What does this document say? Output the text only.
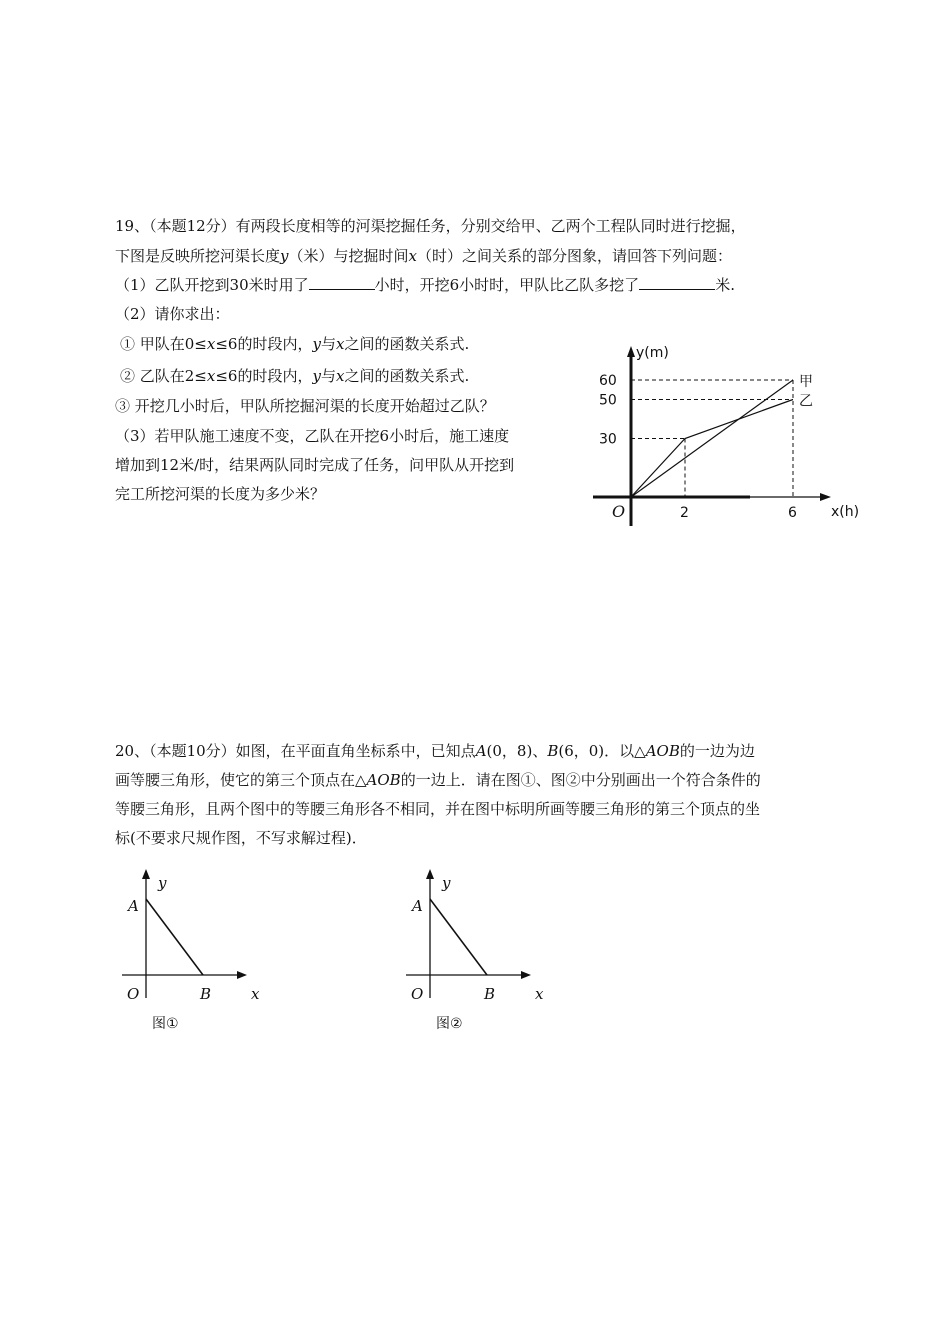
19、（本题12分）有两段长度相等的河渠挖掘任务，分别交给甲、乙两个工程队同时进行挖掘，
下图是反映所挖河渠长度y（米）与挖掘时间x（时）之间关系的部分图象，请回答下列问题：
（1）乙队开挖到30米时用了	小时，开挖6小时时，甲队比乙队多挖了	米.
（2）请你求出：
① 甲队在0≤x≤6的时段内，y与x之间的函数关系式.
② 乙队在2≤x≤6的时段内，y与x之间的函数关系式.
③ 开挖几小时后，甲队所挖掘河渠的长度开始超过乙队？
（3）若甲队施工速度不变，乙队在开挖6小时后，施工速度
增加到12米/时，结果两队同时完成了任务，问甲队从开挖到
完工所挖河渠的长度为多少米？
y(m)
x(h)
O
30
50
60
2	6
甲
乙
20、（本题10分）如图，在平面直角坐标系中，已知点A(0，8)、B(6，0)．以△AOB的一边为边
画等腰三角形，使它的第三个顶点在△AOB的一边上．请在图①、图②中分别画出一个符合条件的
等腰三角形，且两个图中的等腰三角形各不相同，并在图中标明所画等腰三角形的第三个顶点的坐
标(不要求尺规作图，不写求解过程)．
y
A
O	B	x
图①
y
A
O	B	x
图②
